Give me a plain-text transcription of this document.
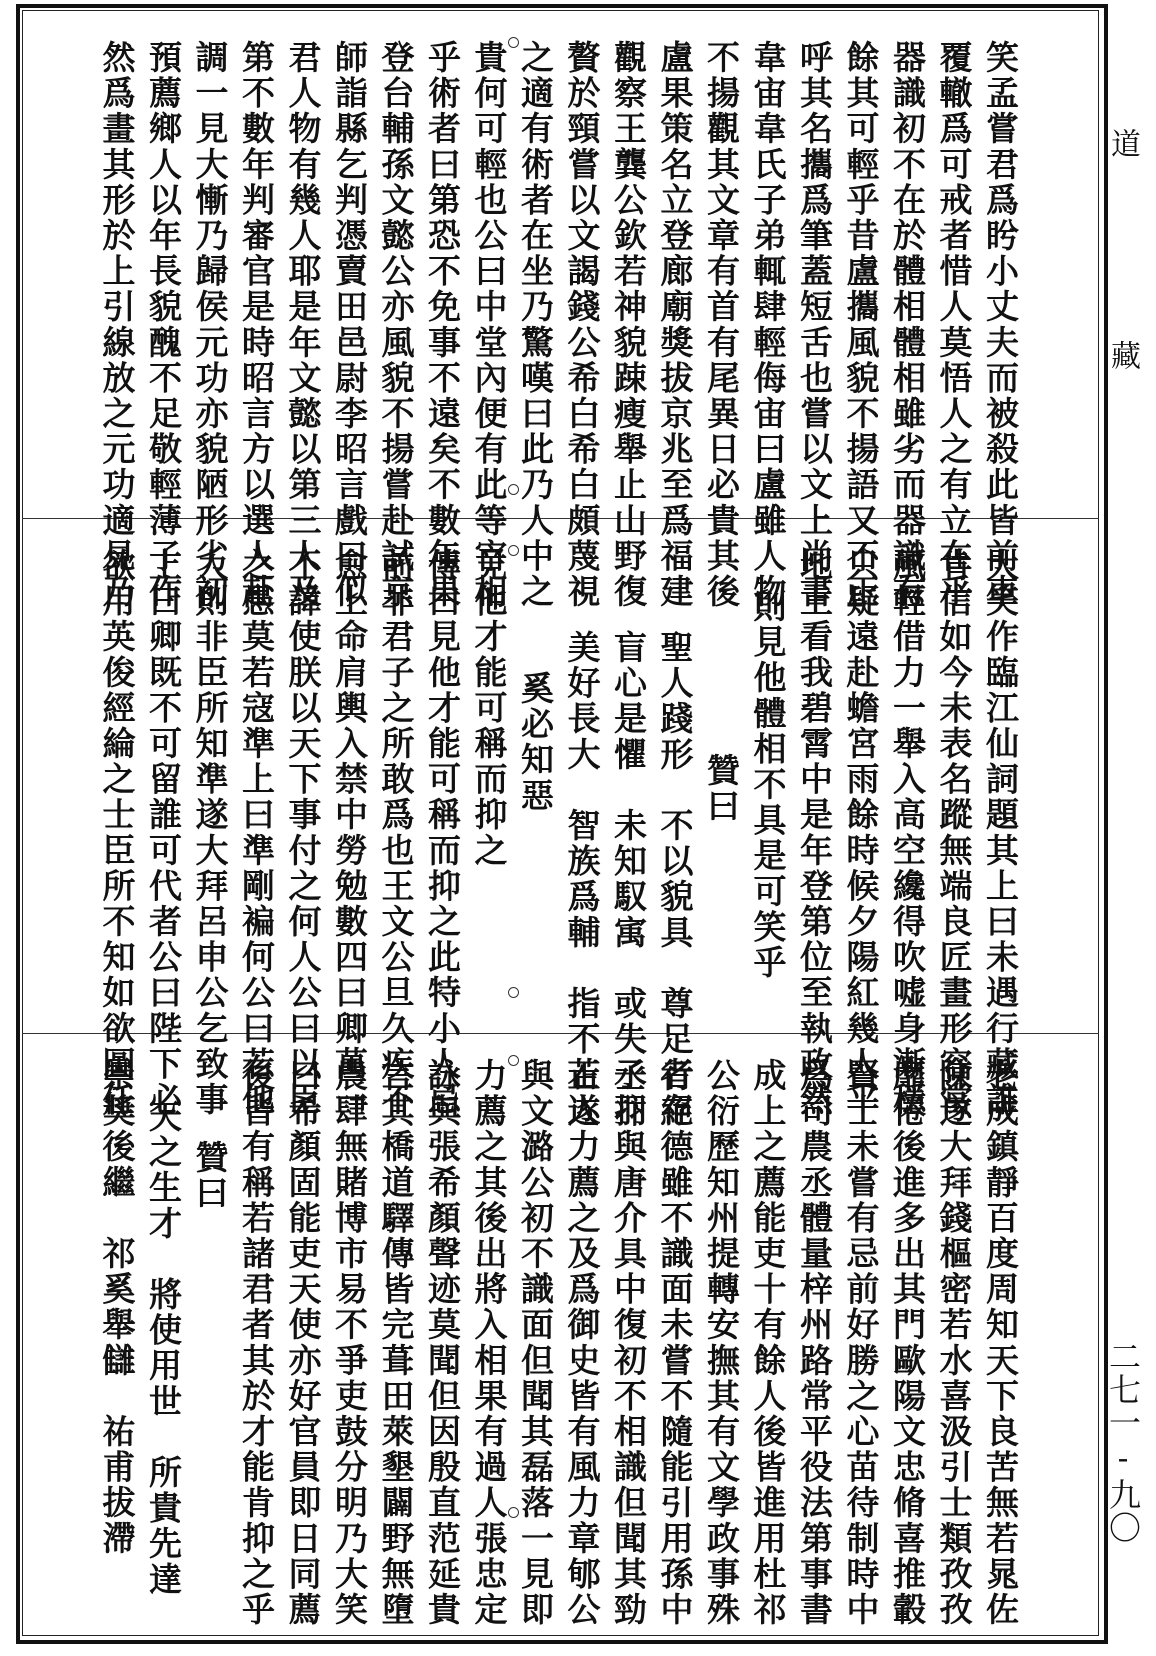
道
藏
二七一-九〇
笑孟嘗君爲盻小丈夫而被殺此皆前車
覆轍爲可戒者惜人莫悟人之有立在乎
器識初不在於體相體相雖劣而器識有
餘其可輕乎昔盧攜風貌不揚語又不正
呼其名攜爲筆蓋短舌也嘗以文上尚書
韋宙韋氏子弟輒肆輕侮宙曰盧雖人物
不揚觀其文章有首有尾異日必貴其後
盧果策名立登廊廟獎拔京兆至爲福建
觀察王龔公欽若神貌踈瘦舉止山野復
贅於頸嘗以文謁錢公希白希白頗蔑視
之適有術者在坐乃驚嘆曰此乃人中之
貴何可輕也公曰中堂內便有此等宰相
乎術者曰第恐不免事不遠矣不數年果
登台輔孫文懿公亦風貌不揚嘗赴試京
師詣縣乞判憑賣田邑尉李昭言戲曰似
君人物有幾人耶是年文懿以第三人及
第不數年判審官是時昭言方以選人赴
調一見大慚乃歸侯元功亦貌陋形劣初
預薦鄉人以年長貌醜不足敬輕薄子作
然爲畫其形於上引線放之元功適見乃
大笑作臨江仙詞題其上曰未遇行藏誰
肯信如今未表名蹤無端良匠畫形容當
風輕借力一舉入高空纔得吹嘘身漸穩
只疑遠赴蟾宮雨餘時候夕陽紅幾人平
地上看我碧霄中是年登第位至執政然
則見他體相不具是可笑乎
贊曰
聖人踐形　不以貌具　尊足者存
盲心是懼　未知馭㝢　或失子羽
美好長大　智族爲輔　指不若人
奚必知惡
見他才能可稱而抑之
傳曰見他才能可稱而抑之此特小人忌
前非君子之所敢爲也王文公旦久疾不
愈上命肩輿入禁中勞勉數四曰卿萬一
不諱使朕以天下事付之何人公曰以臣
之愚莫若寇準上曰準剛褊何公曰若他
人則非臣所知準遂大拜呂申公乞致事
上曰卿既不可留誰可代者公曰陛下必
欲用英俊經綸之士臣所不知如欲圖任
老成鎮靜百度周知天下良苦無若晁佐
陳遂大拜錢樞密若水喜汲引士類孜孜
靡倦後進多出其門歐陽文忠脩喜推轂
賢士未嘗有忌前好勝之心苗待制時中
爲司農丞體量梓州路常平役法第事書
成上之薦能吏十有餘人後皆進用杜祁
公衍歷知州提轉安撫其有文學政事殊
行絕德雖不識面未嘗不隨能引用孫中
丞抃與唐介具中復初不相識但聞其勁
正遂力薦之及爲御史皆有風力章郇公
與文潞公初不識面但聞其磊落一見即
力薦之其後出將入相果有過人張忠定
詠與張希顏聲迹莫聞但因殷直范延貴
言其橋道驛傳皆完葺田萊墾闢野無墮
農肆無賭博市易不爭吏鼓分明乃大笑
曰希顏固能吏天使亦好官員即日同薦
後皆有稱若諸君者其於才能肯抑之乎
贊曰
天之生才　將使用世　所貴先達
崇獎後繼　祁奚舉讎　祐甫拔滯
